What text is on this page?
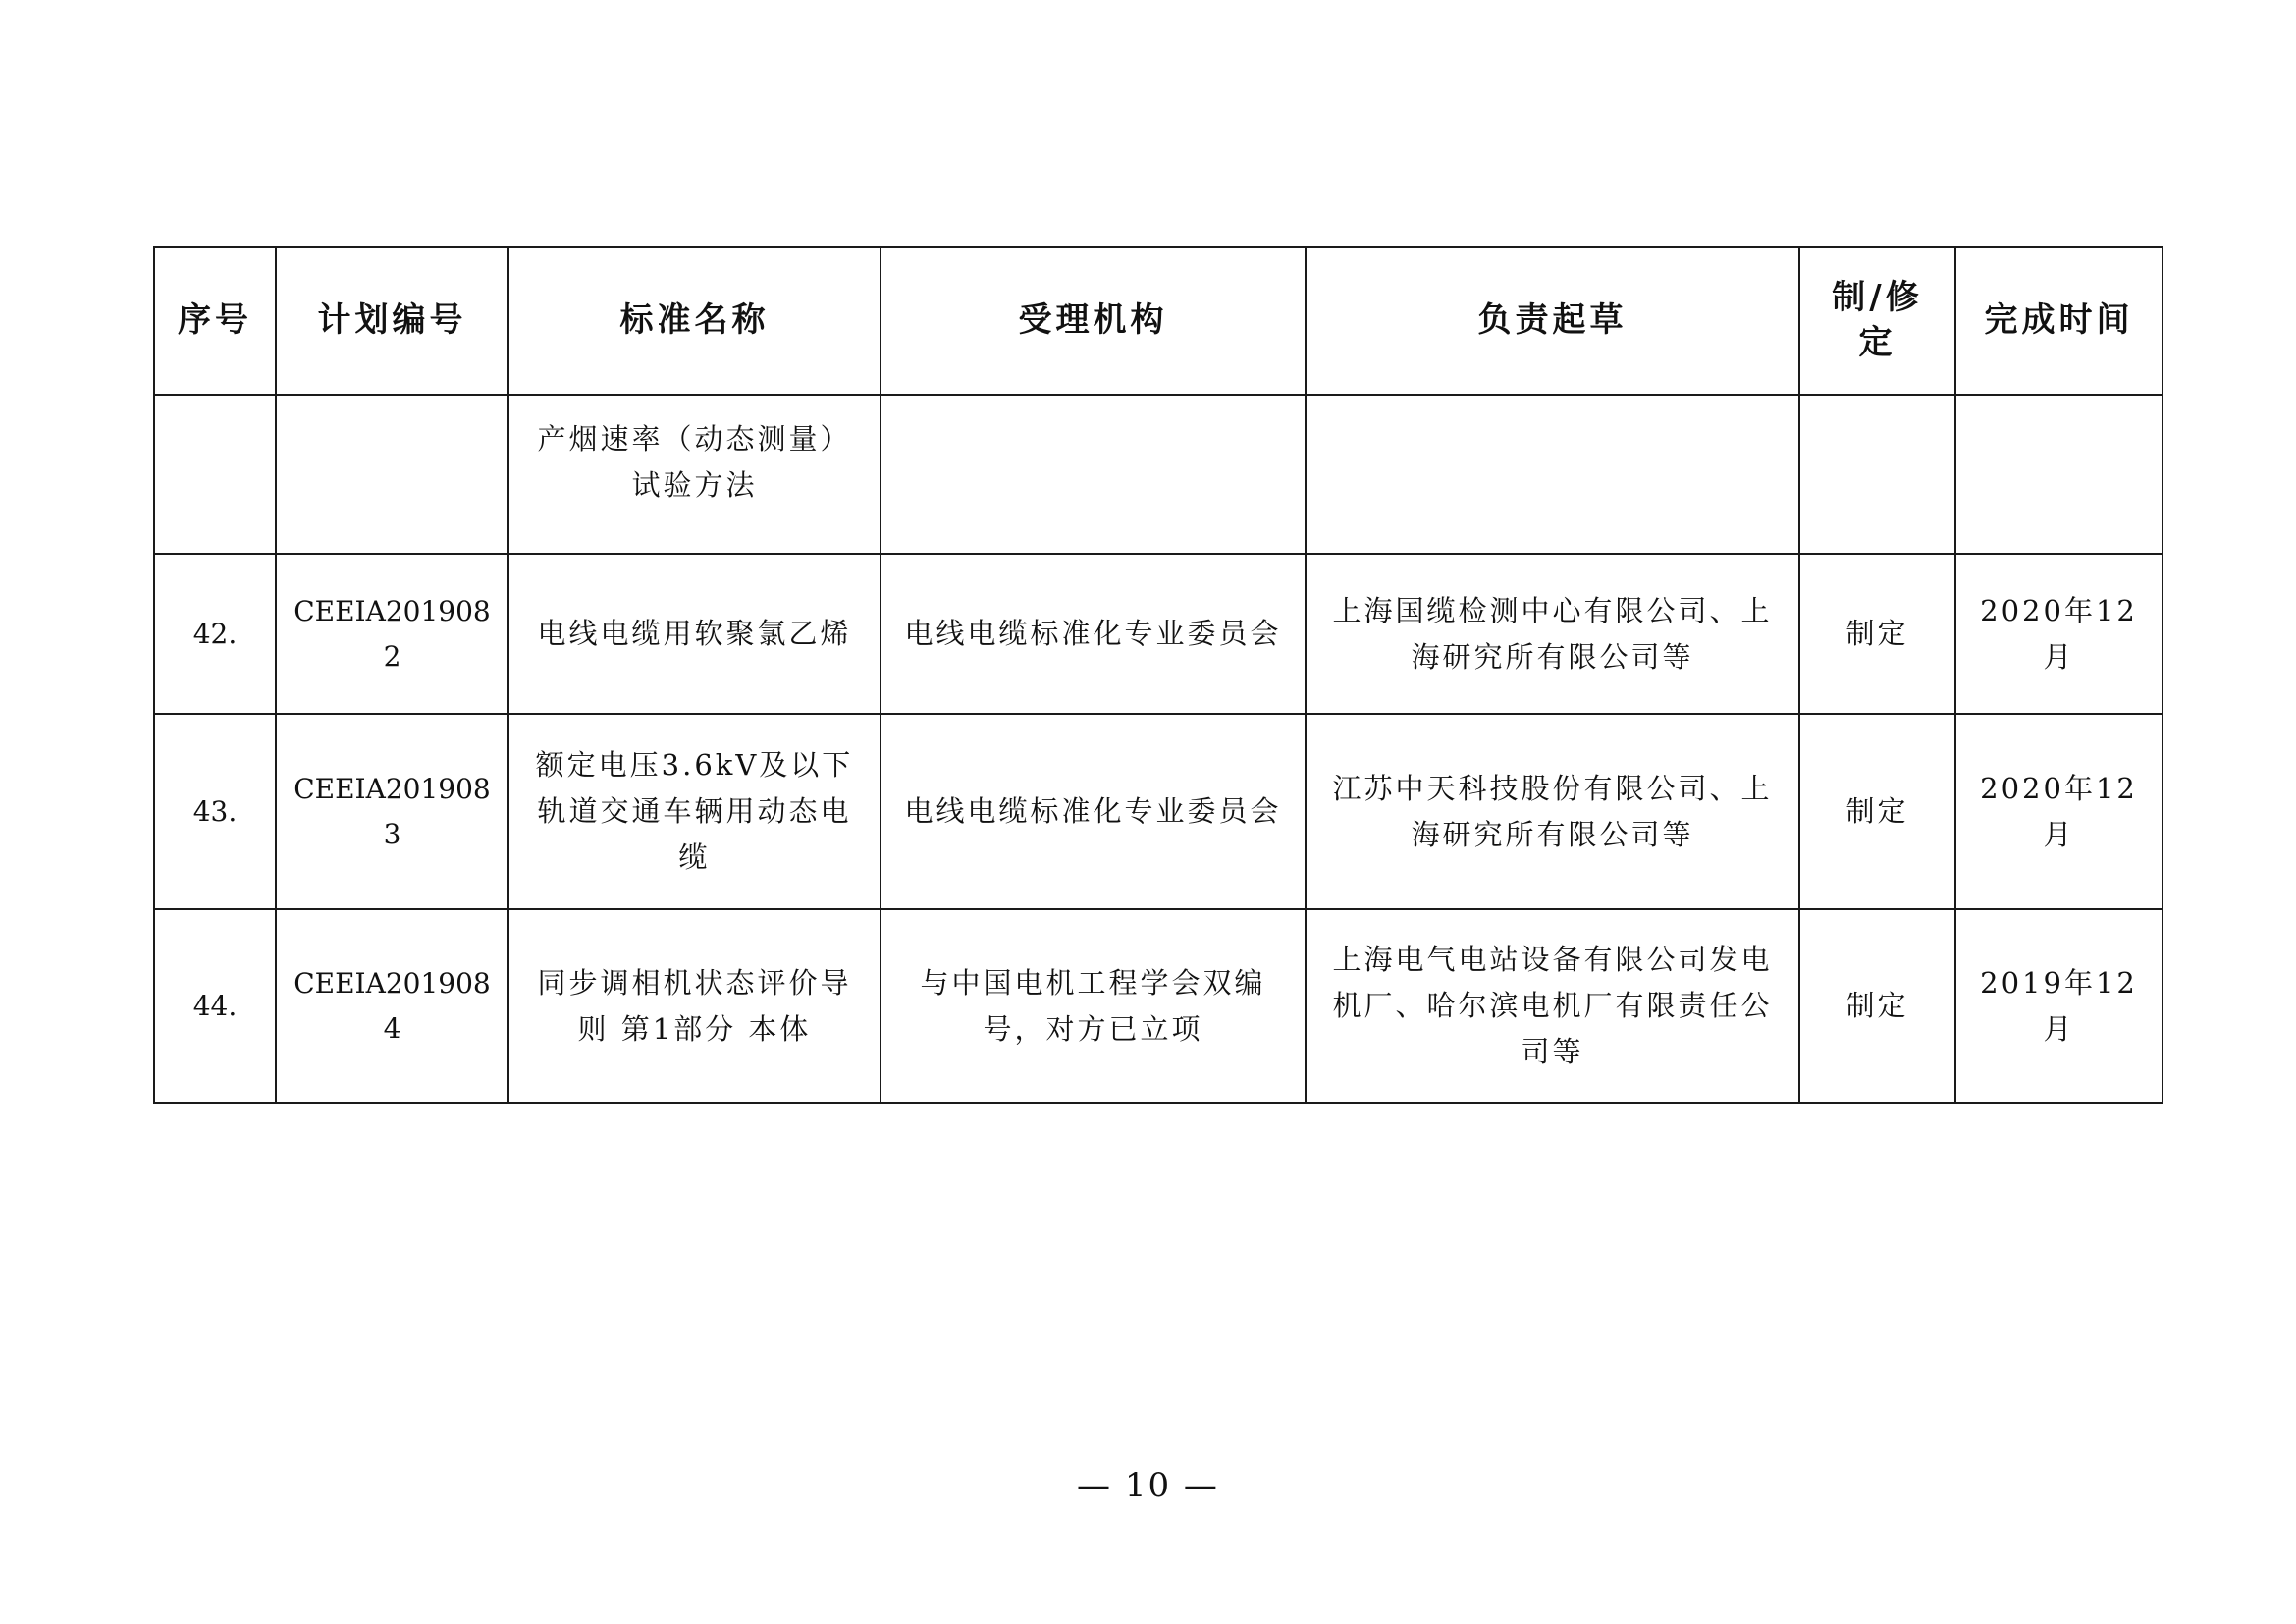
序号	计划编号	标准名称	受理机构	负责起草	制/修定	完成时间

		产烟速率（动态测量）试验方法				

42.	CEEIA2019082	电线电缆用软聚氯乙烯	电线电缆标准化专业委员会	上海国缆检测中心有限公司、上海研究所有限公司等	制定	2020年12月
43.	CEEIA2019083	额定电压3.6kV及以下轨道交通车辆用动态电缆	电线电缆标准化专业委员会	江苏中天科技股份有限公司、上海研究所有限公司等	制定	2020年12月
44.	CEEIA2019084	同步调相机状态评价导则 第1部分 本体	与中国电机工程学会双编号，对方已立项	上海电气电站设备有限公司发电机厂、哈尔滨电机厂有限责任公司等	制定	2019年12月
— 10 —
